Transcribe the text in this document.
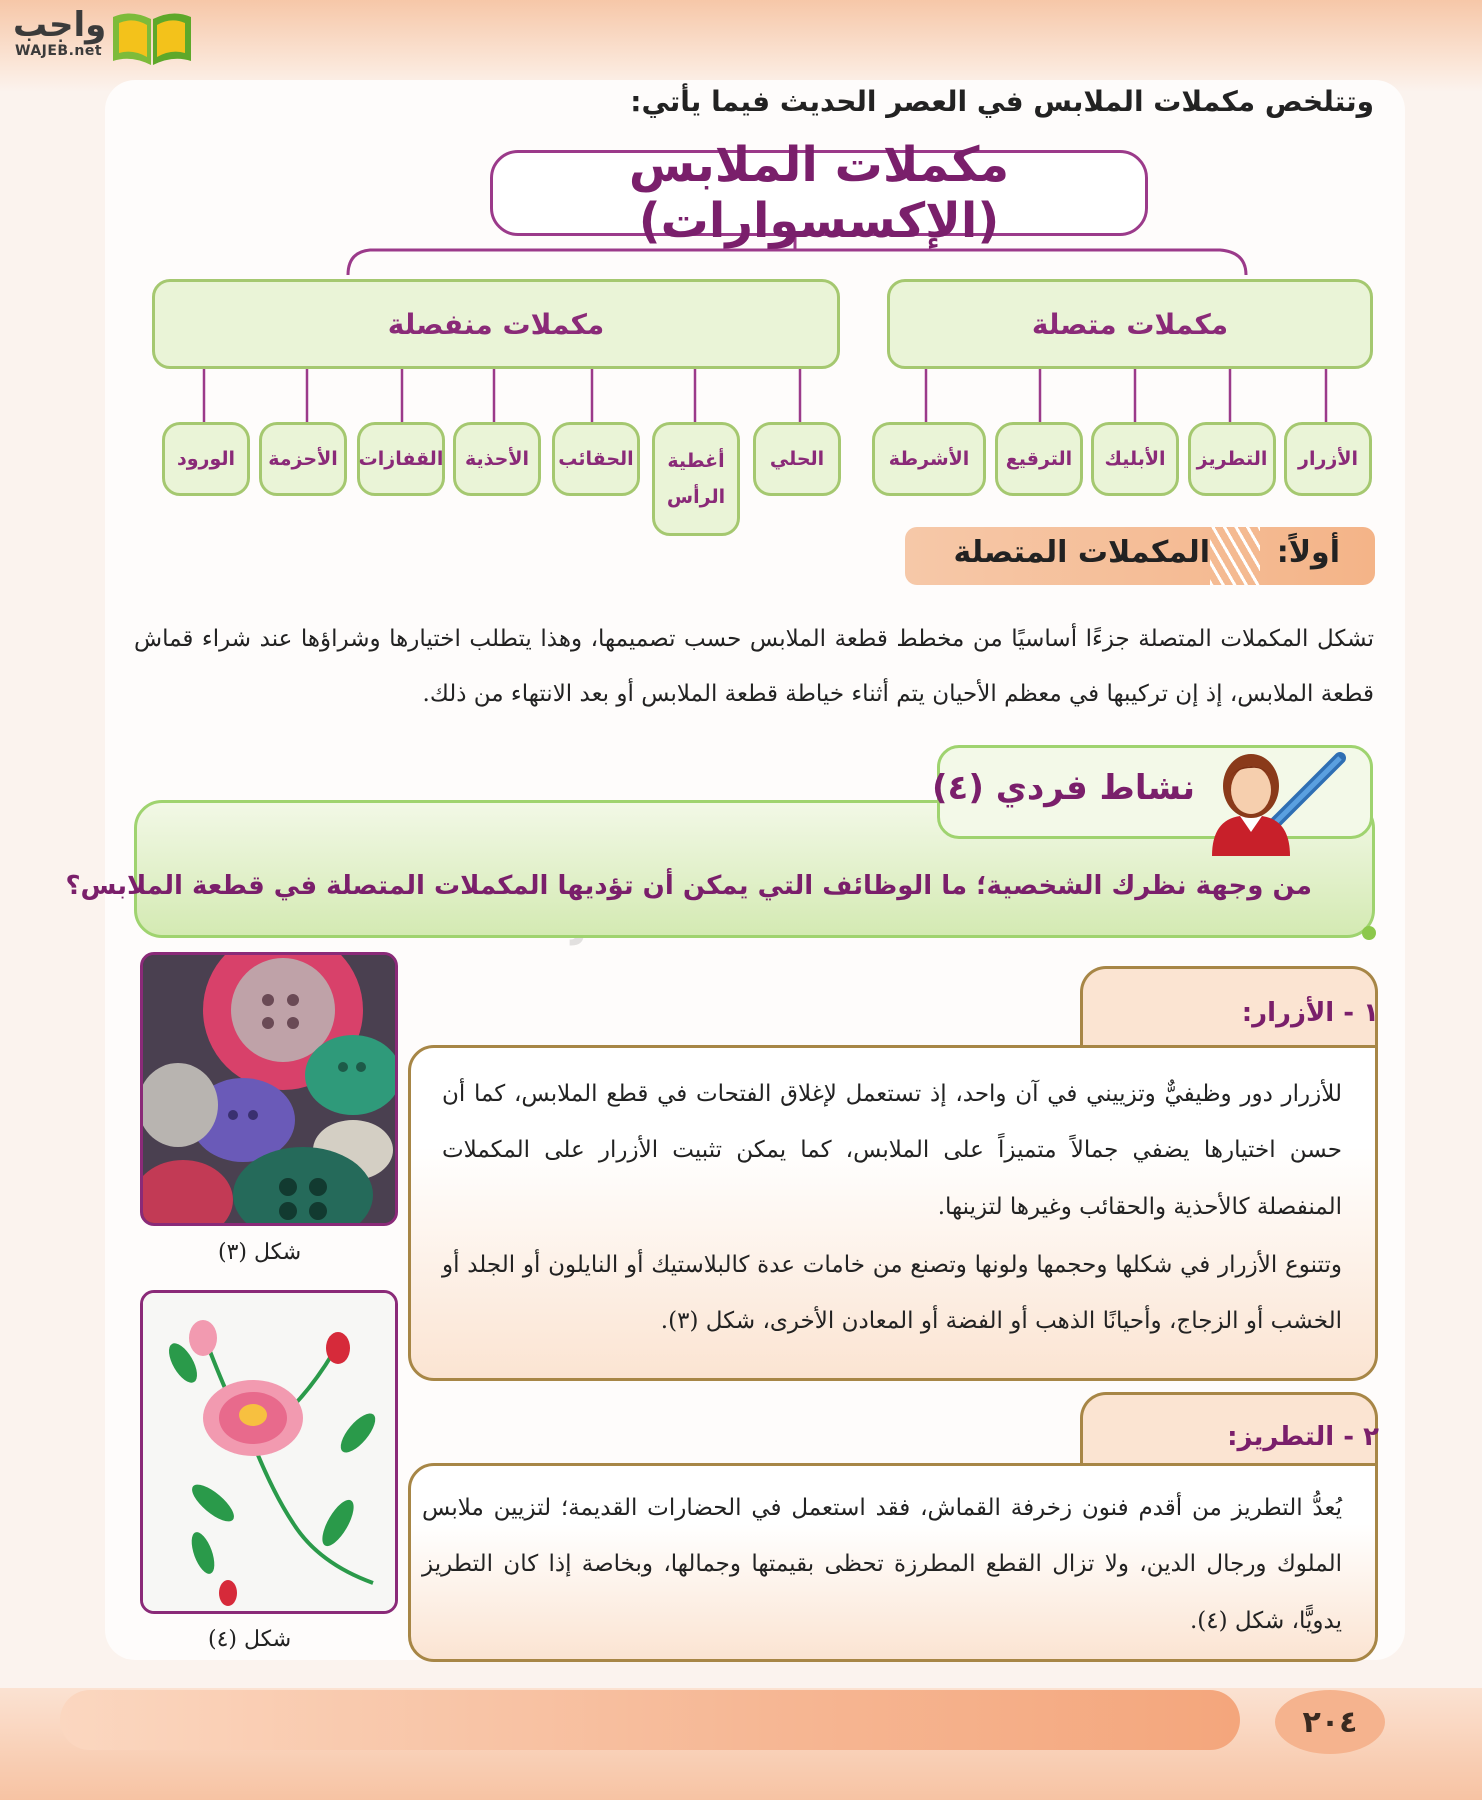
٢٠٤
واجب
WAJEB.net
وتتلخص مكملات الملابس في العصر الحديث فيما يأتي:
مكملات الملابس (الإكسسوارات)
مكملات متصلة
مكملات منفصلة
الأزرار
التطريز
الأبليك
الترقيع
الأشرطة
الحلي
أغطية الرأس
الحقائب
الأحذية
القفازات
الأحزمة
الورود
أولاً:
المكملات المتصلة

تشكل المكملات المتصلة جزءًا أساسيًا من مخطط قطعة الملابس حسب تصميمها، وهذا يتطلب اختيارها وشراؤها عند شراء قماش قطعة الملابس، إذ إن تركيبها في معظم الأحيان يتم أثناء خياطة قطعة الملابس أو بعد الانتهاء من ذلك.

من وجهة نظرك الشخصية؛ ما الوظائف التي يمكن أن تؤديها المكملات المتصلة في قطعة الملابس؟
نشاط فردي (٤)
١ - الأزرار:

للأزرار دور وظيفيٌّ وتزييني في آن واحد، إذ تستعمل لإغلاق الفتحات في قطع الملابس، كما أن حسن اختيارها يضفي جمالاً متميزاً على الملابس، كما يمكن تثبيت الأزرار على المكملات المنفصلة كالأحذية والحقائب وغيرها لتزينها.

وتتنوع الأزرار في شكلها وحجمها ولونها وتصنع من خامات عدة كالبلاستيك أو النايلون أو الجلد أو الخشب أو الزجاج، وأحيانًا الذهب أو الفضة أو المعادن الأخرى، شكل (٣).

٢ - التطريز:

يُعدُّ التطريز من أقدم فنون زخرفة القماش، فقد استعمل في الحضارات القديمة؛ لتزيين ملابس الملوك ورجال الدين، ولا تزال القطع المطرزة تحظى بقيمتها وجمالها، وبخاصة إذا كان التطريز يدويًّا، شكل (٤).

شكل (٣)
شكل (٤)
